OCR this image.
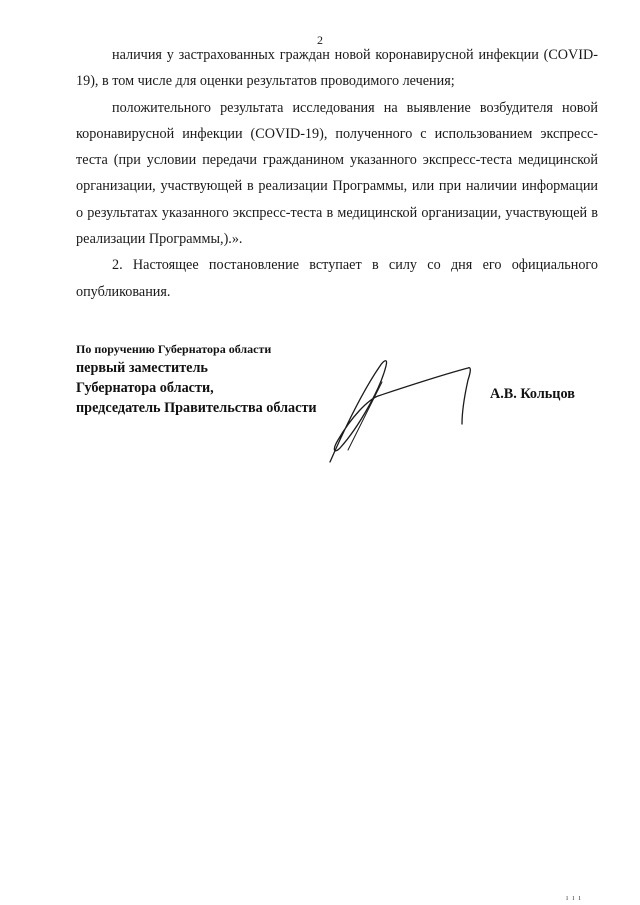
2

наличия у застрахованных граждан новой коронавирусной инфекции (COVID-19), в том числе для оценки результатов проводимого лечения;

положительного результата исследования на выявление возбудителя новой коронавирусной инфекции (COVID-19), полученного с использованием экспресс-теста (при условии передачи гражданином указанного экспресс-теста медицинской организации, участвующей в реализации Программы, или при наличии информации о результатах указанного экспресс-теста в медицинской организации, участвующей в реализации Программы,).».

2. Настоящее постановление вступает в силу со дня его официального опубликования.

По поручению Губернатора области
первый заместитель
Губернатора области,
председатель Правительства области
А.В. Кольцов
ı ı ı
